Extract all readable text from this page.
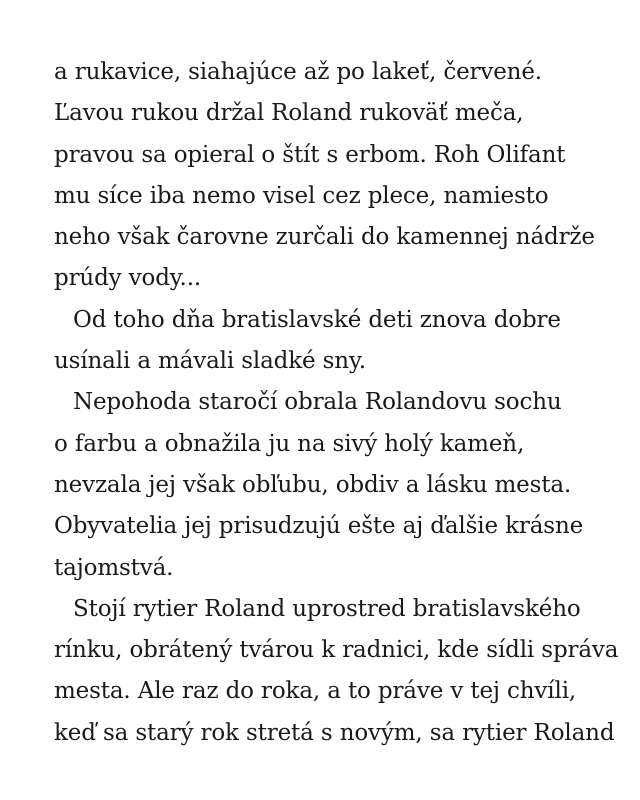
a rukavice, siahajúce až po lakeť, červené.
Ľavou rukou držal Roland rukoväť meča,
pravou sa opieral o štít s erbom. Roh Olifant
mu síce iba nemo visel cez plece, namiesto
neho však čarovne zurčali do kamennej nádrže
prúdy vody...
Od toho dňa bratislavské deti znova dobre
usínali a mávali sladké sny.
Nepohoda staročí obrala Rolandovu sochu
o farbu a obnažila ju na sivý holý kameň,
nevzala jej však obľubu, obdiv a lásku mesta.
Obyvatelia jej prisudzujú ešte aj ďalšie krásne
tajomstvá.
Stojí rytier Roland uprostred bratislavského
rínku, obrátený tvárou k radnici, kde sídli správa
mesta. Ale raz do roka, a to práve v tej chvíli,
keď sa starý rok stretá s novým, sa rytier Roland
